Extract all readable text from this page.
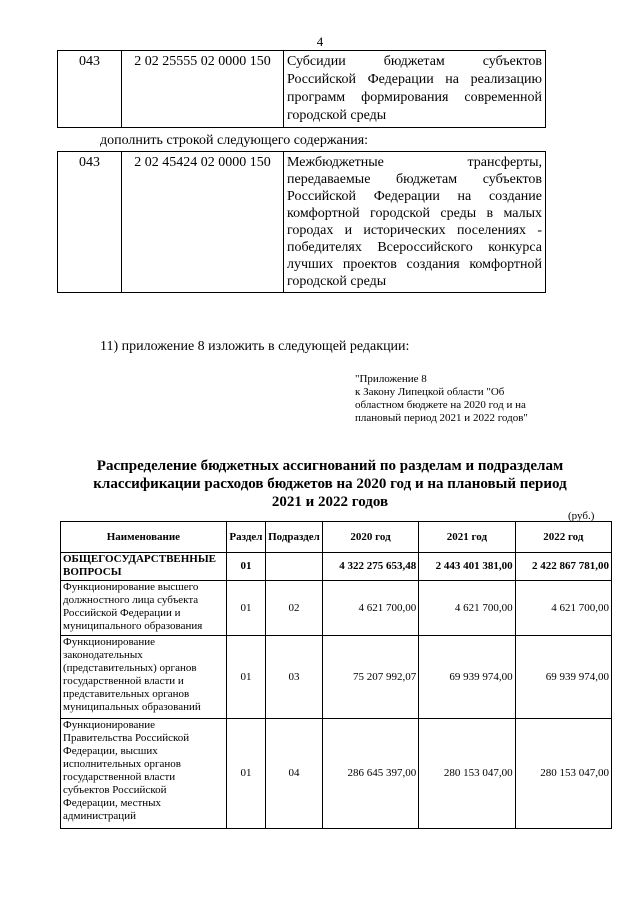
4
043	2 02 25555 02 0000 150	Субсидии бюджетам субъектов Российской Федерации на реализацию программ формирования современной городской среды
дополнить строкой следующего содержания:
043	2 02 45424 02 0000 150	Межбюджетные трансферты, передаваемые бюджетам субъектов Российской Федерации на создание комфортной городской среды в малых городах и исторических поселениях - победителях Всероссийского конкурса лучших проектов создания комфортной городской среды
11) приложение 8 изложить в следующей редакции:
"Приложение 8
к Закону Липецкой области "Об
областном бюджете на 2020 год и на
плановый период 2021 и 2022 годов"
Распределение бюджетных ассигнований по разделам и подразделам классификации расходов бюджетов на 2020 год и на плановый период 2021 и 2022 годов
(руб.)
Наименование	Раздел	Подраздел	2020 год	2021 год	2022 год
ОБЩЕГОСУДАРСТВЕННЫЕ ВОПРОСЫ	01		4 322 275 653,48	2 443 401 381,00	2 422 867 781,00
Функционирование высшего должностного лица субъекта Российской Федерации и муниципального образования	01	02	4 621 700,00	4 621 700,00	4 621 700,00
Функционирование законодательных (представительных) органов государственной власти и представительных органов муниципальных образований	01	03	75 207 992,07	69 939 974,00	69 939 974,00
Функционирование Правительства Российской Федерации, высших исполнительных органов государственной власти субъектов Российской Федерации, местных администраций	01	04	286 645 397,00	280 153 047,00	280 153 047,00
